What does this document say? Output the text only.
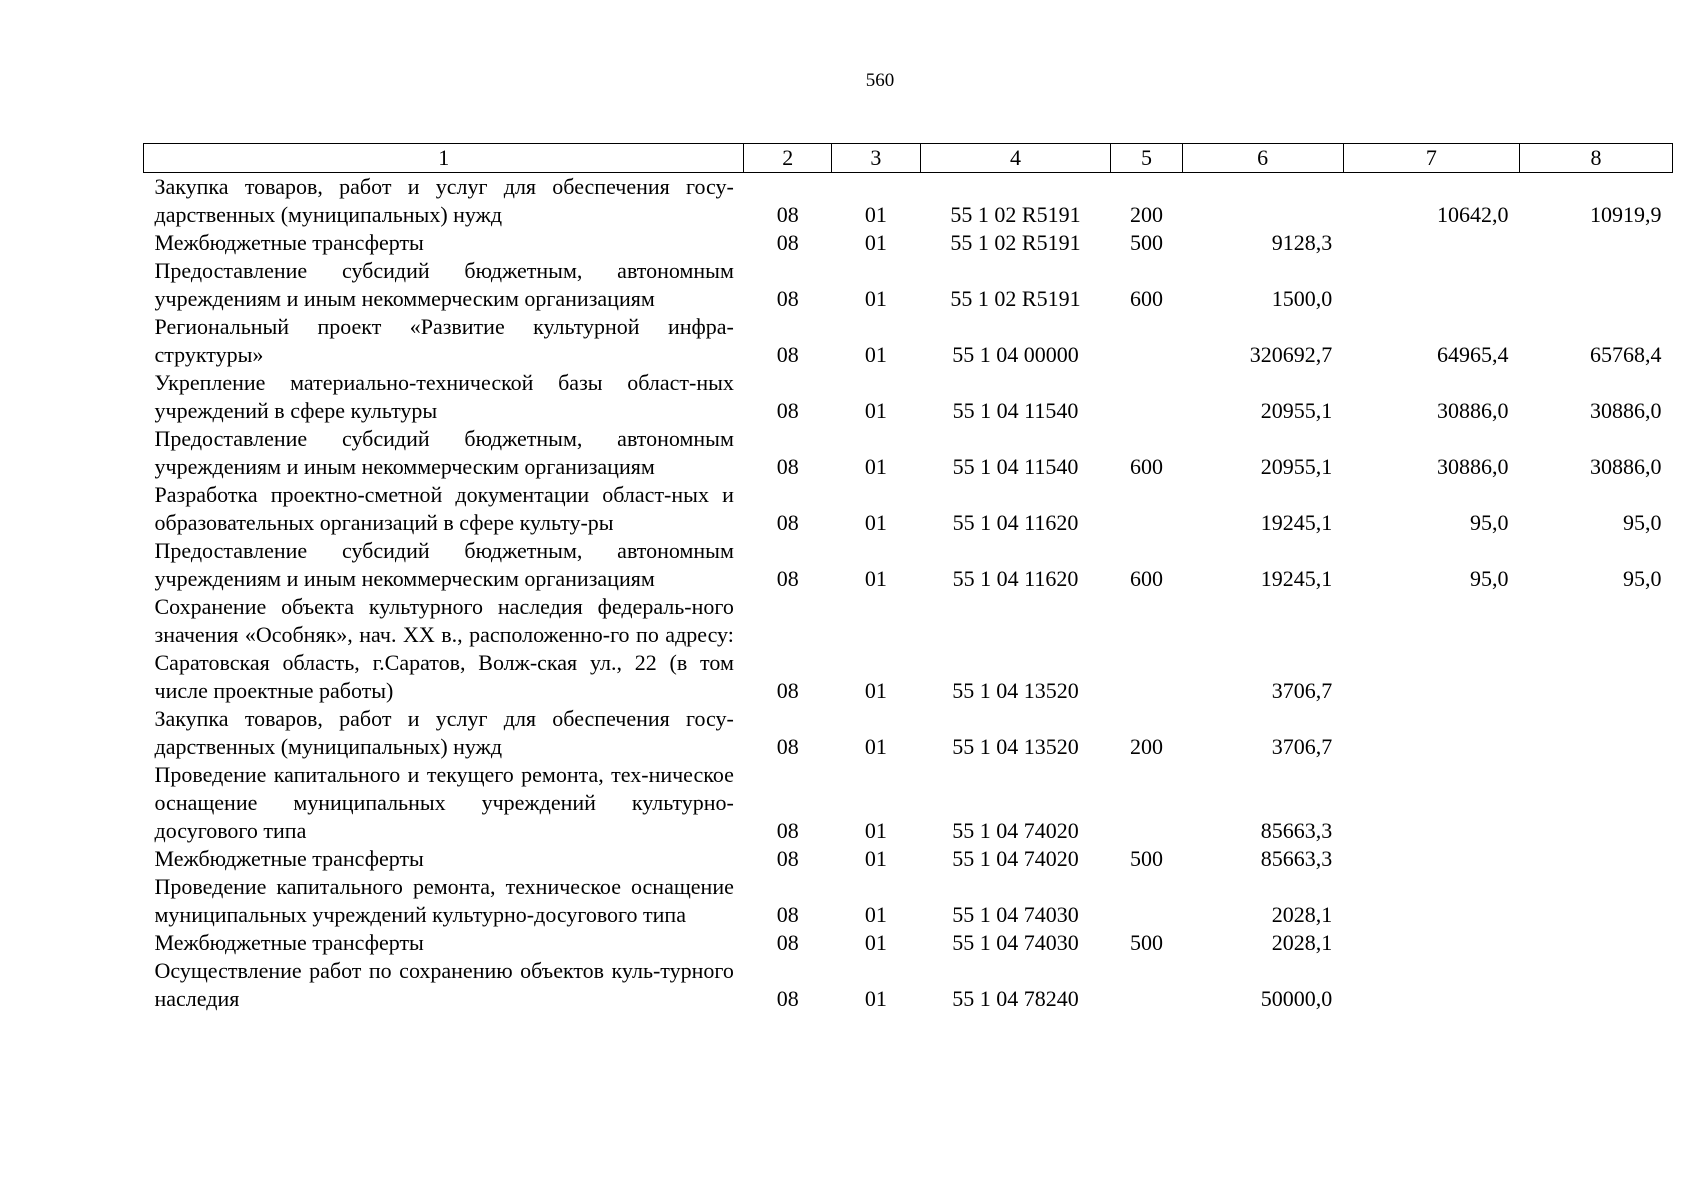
560
1	2	3	4	5	6	7	8
Закупка товаров, работ и услуг для обеспечения госу-дарственных (муниципальных) нужд	08	01	55 1 02 R5191	200		10642,0	10919,9
Межбюджетные трансферты	08	01	55 1 02 R5191	500	9128,3		
Предоставление субсидий бюджетным, автономным учреждениям и иным некоммерческим организациям	08	01	55 1 02 R5191	600	1500,0		
Региональный проект «Развитие культурной инфра-структуры»	08	01	55 1 04 00000		320692,7	64965,4	65768,4
Укрепление материально-технической базы област-ных учреждений в сфере культуры	08	01	55 1 04 11540		20955,1	30886,0	30886,0
Предоставление субсидий бюджетным, автономным учреждениям и иным некоммерческим организациям	08	01	55 1 04 11540	600	20955,1	30886,0	30886,0
Разработка проектно-сметной документации област-ных и образовательных организаций в сфере культу-ры	08	01	55 1 04 11620		19245,1	95,0	95,0
Предоставление субсидий бюджетным, автономным учреждениям и иным некоммерческим организациям	08	01	55 1 04 11620	600	19245,1	95,0	95,0
Сохранение объекта культурного наследия федераль-ного значения «Особняк», нач. XX в., расположенно-го по адресу: Саратовская область, г.Саратов, Волж-ская ул., 22 (в том числе проектные работы)	08	01	55 1 04 13520		3706,7		
Закупка товаров, работ и услуг для обеспечения госу-дарственных (муниципальных) нужд	08	01	55 1 04 13520	200	3706,7		
Проведение капитального и текущего ремонта, тех-ническое оснащение муниципальных учреждений культурно-досугового типа	08	01	55 1 04 74020		85663,3		
Межбюджетные трансферты	08	01	55 1 04 74020	500	85663,3		
Проведение капитального ремонта, техническое оснащение муниципальных учреждений культурно-досугового типа	08	01	55 1 04 74030		2028,1		
Межбюджетные трансферты	08	01	55 1 04 74030	500	2028,1		
Осуществление работ по сохранению объектов куль-турного наследия	08	01	55 1 04 78240		50000,0		
